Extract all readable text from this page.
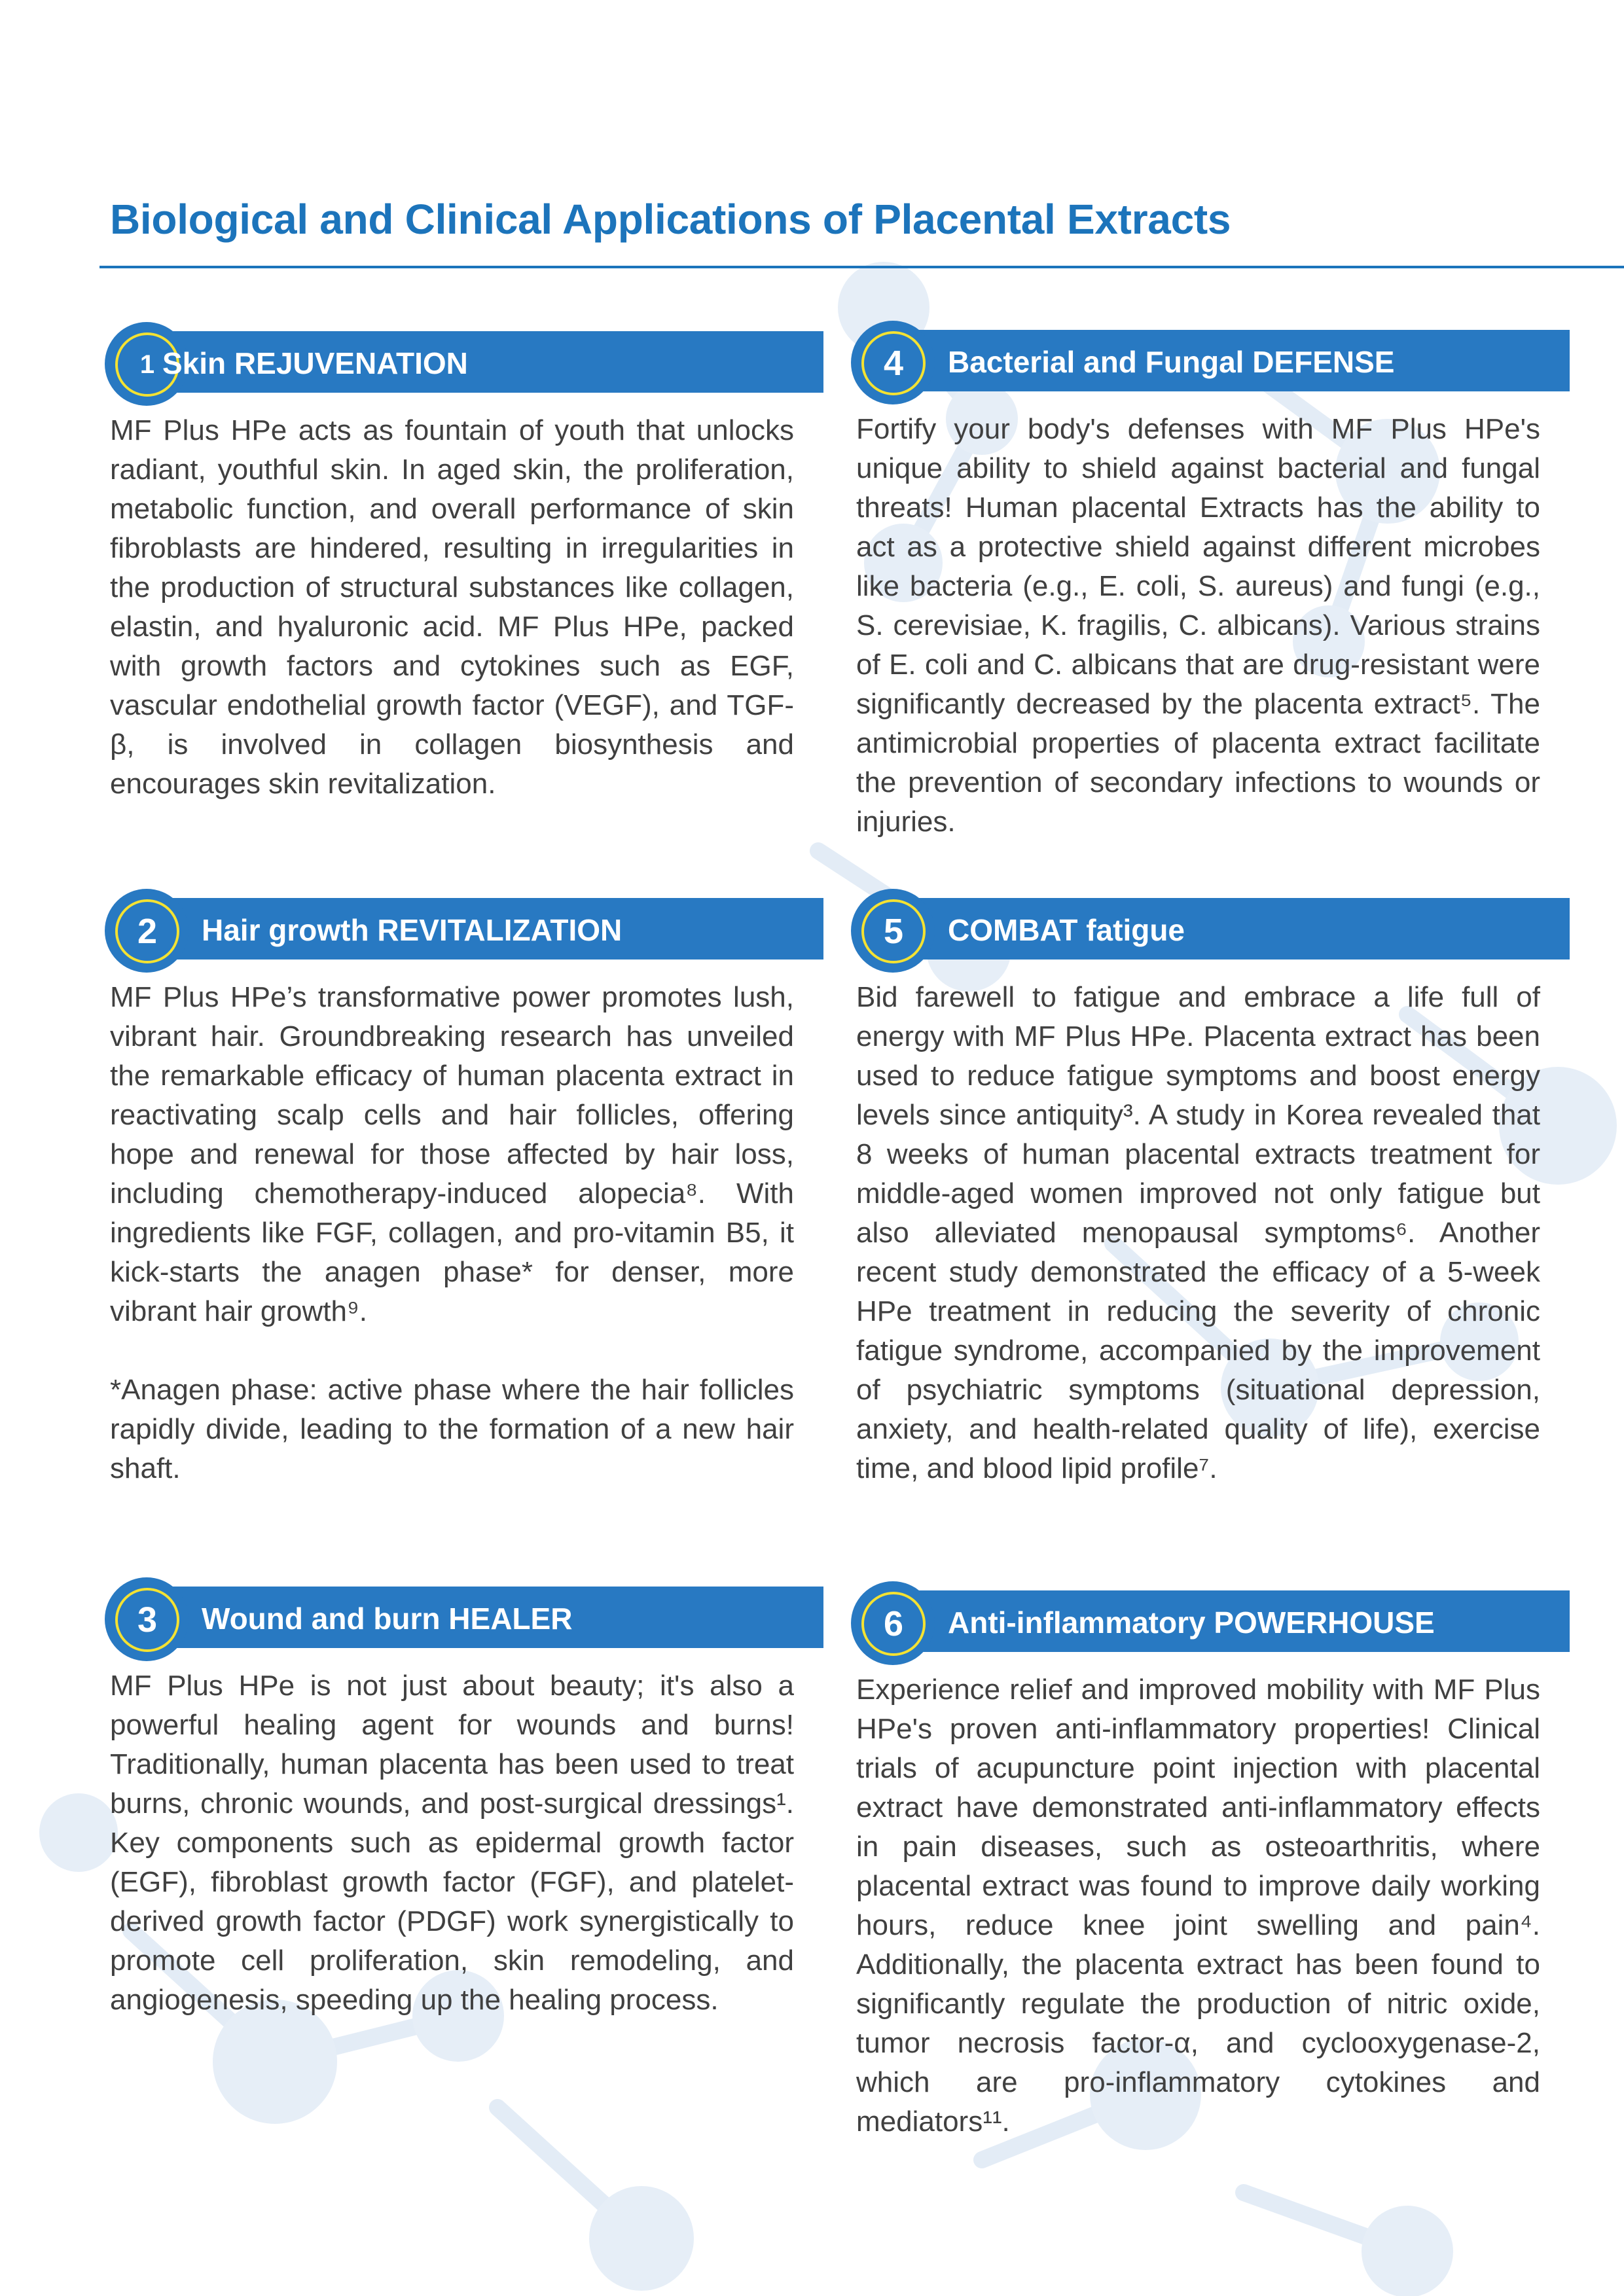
Biological and Clinical Applications of Placental Extracts
1 Skin REJUVENATION

MF Plus HPe acts as fountain of youth that unlocks radiant, youthful skin. In aged skin, the proliferation, metabolic function, and overall performance of skin fibroblasts are hindered, resulting in irregularities in the production of structural substances like collagen, elastin, and hyaluronic acid. MF Plus HPe, packed with growth factors and cytokines such as EGF, vascular endothelial growth factor (VEGF), and TGF-β, is involved in collagen biosynthesis and encourages skin revitalization.

2	Hair growth REVITALIZATION

MF Plus HPe’s transformative power promotes lush, vibrant hair. Groundbreaking research has unveiled the remarkable efficacy of human placenta extract in reactivating scalp cells and hair follicles, offering hope and renewal for those affected by hair loss, including chemotherapy-induced alopecia⁸. With ingredients like FGF, collagen, and pro-vitamin B5, it kick-starts the anagen phase* for denser, more vibrant hair growth⁹.

*Anagen phase: active phase where the hair follicles rapidly divide, leading to the formation of a new hair shaft.

3	Wound and burn HEALER

MF Plus HPe is not just about beauty; it's also a powerful healing agent for wounds and burns! Traditionally, human placenta has been used to treat burns, chronic wounds, and post-surgical dressings¹. Key components such as epidermal growth factor (EGF), fibroblast growth factor (FGF), and platelet-derived growth factor (PDGF) work synergistically to promote cell proliferation, skin remodeling, and angiogenesis, speeding up the healing process.

4	Bacterial and Fungal DEFENSE

Fortify your body's defenses with MF Plus HPe's unique ability to shield against bacterial and fungal threats! Human placental Extracts has the ability to act as a protective shield against different microbes like bacteria (e.g., E. coli, S. aureus) and fungi (e.g., S. cerevisiae, K. fragilis, C. albicans). Various strains of E. coli and C. albicans that are drug-resistant were significantly decreased by the placenta extract⁵. The antimicrobial properties of placenta extract facilitate the prevention of secondary infections to wounds or injuries.

5	COMBAT fatigue

Bid farewell to fatigue and embrace a life full of energy with MF Plus HPe. Placenta extract has been used to reduce fatigue symptoms and boost energy levels since antiquity³. A study in Korea revealed that 8 weeks of human placental extracts treatment for middle-aged women improved not only fatigue but also alleviated menopausal symptoms⁶. Another recent study demonstrated the efficacy of a 5-week HPe treatment in reducing the severity of chronic fatigue syndrome, accompanied by the improvement of psychiatric symptoms (situational depression, anxiety, and health-related quality of life), exercise time, and blood lipid profile⁷.

6	Anti-inflammatory POWERHOUSE

Experience relief and improved mobility with MF Plus HPe's proven anti-inflammatory properties! Clinical trials of acupuncture point injection with placental extract have demonstrated anti-inflammatory effects in pain diseases, such as osteoarthritis, where placental extract was found to improve daily working hours, reduce knee joint swelling and pain⁴. Additionally, the placenta extract has been found to significantly regulate the production of nitric oxide, tumor necrosis factor-α, and cyclooxygenase-2, which are pro-inflammatory cytokines and mediators¹¹.
